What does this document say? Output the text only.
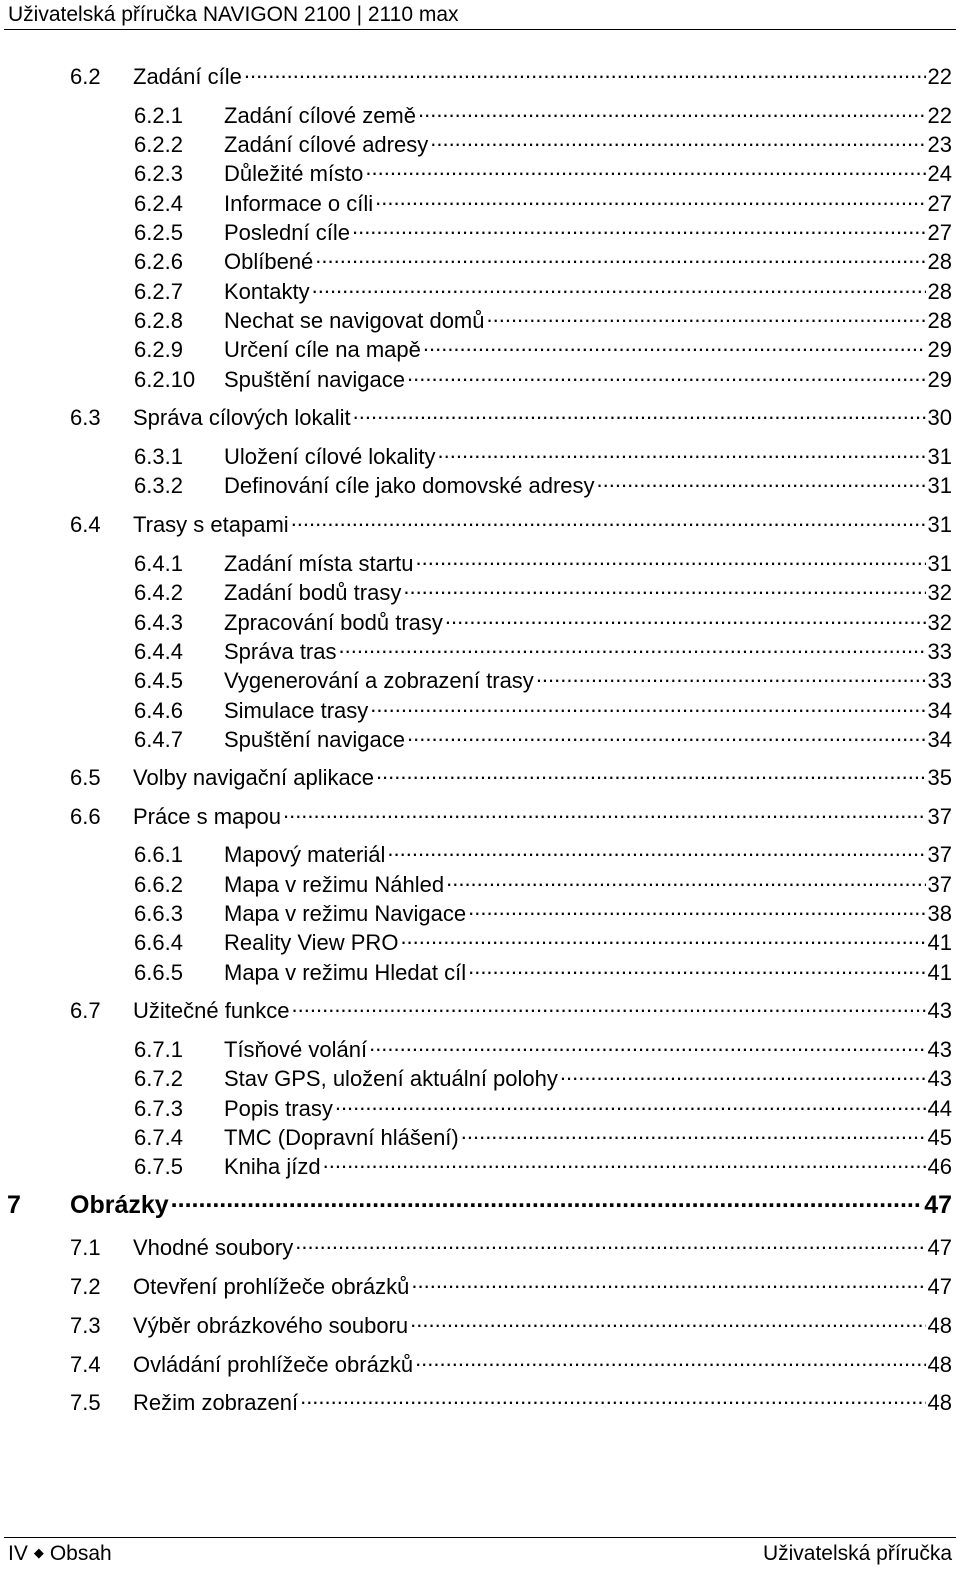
Uživatelská příručka NAVIGON 2100 | 2110 max
6.2	Zadání cíle .....	22
6.2.1	Zadání cílové země .....	22
6.2.2	Zadání cílové adresy .....	23
6.2.3	Důležité místo .....	24
6.2.4	Informace o cíli .....	27
6.2.5	Poslední cíle .....	27
6.2.6	Oblíbené .....	28
6.2.7	Kontakty .....	28
6.2.8	Nechat se navigovat domů .....	28
6.2.9	Určení cíle na mapě .....	29
6.2.10	Spuštění navigace .....	29
6.3	Správa cílových lokalit .....	30
6.3.1	Uložení cílové lokality .....	31
6.3.2	Definování cíle jako domovské adresy .....	31
6.4	Trasy s etapami .....	31
6.4.1	Zadání místa startu .....	31
6.4.2	Zadání bodů trasy .....	32
6.4.3	Zpracování bodů trasy .....	32
6.4.4	Správa tras .....	33
6.4.5	Vygenerování a zobrazení trasy .....	33
6.4.6	Simulace trasy .....	34
6.4.7	Spuštění navigace .....	34
6.5	Volby navigační aplikace .....	35
6.6	Práce s mapou .....	37
6.6.1	Mapový materiál .....	37
6.6.2	Mapa v režimu Náhled .....	37
6.6.3	Mapa v režimu Navigace .....	38
6.6.4	Reality View PRO .....	41
6.6.5	Mapa v režimu Hledat cíl .....	41
6.7	Užitečné funkce .....	43
6.7.1	Tísňové volání .....	43
6.7.2	Stav GPS, uložení aktuální polohy .....	43
6.7.3	Popis trasy .....	44
6.7.4	TMC (Dopravní hlášení) .....	45
6.7.5	Kniha jízd .....	46
7	Obrázky .....	47
7.1	Vhodné soubory .....	47
7.2	Otevření prohlížeče obrázků .....	47
7.3	Výběr obrázkového souboru .....	48
7.4	Ovládání prohlížeče obrázků .....	48
7.5	Režim zobrazení .....	48
IV ◆ Obsah	Uživatelská příručka
